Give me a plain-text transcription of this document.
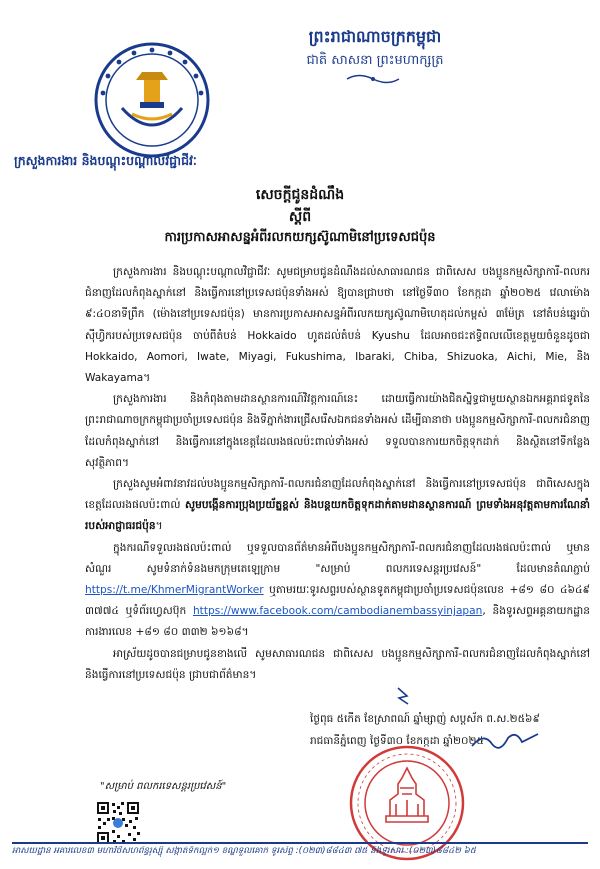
ព្រះរាជាណាចក្រកម្ពុជា
ជាតិ សាសនា ព្រះមហាក្សត្រ
ក្រសួងការងារ និងបណ្តុះបណ្តាលវិជ្ជាជីវៈ
សេចក្តីជូនដំណឹង
ស្តីពី
ការប្រកាសអាសន្នអំពីរលកយក្សស៊ូណាមិនៅប្រទេសជប៉ុន

ក្រសួងការងារ និងបណ្តុះបណ្តាលវិជ្ជាជីវៈ សូមជម្រាបជូនដំណឹងដល់សាធារណជន ជាពិសេស បងប្អូនកម្មសិក្សាការី-ពលករជំនាញដែលកំពុងស្នាក់នៅ និងធ្វើការនៅប្រទេសជប៉ុនទាំងអស់ ឱ្យបានជ្រាបថា នៅថ្ងៃទី៣០ ខែកក្កដា ឆ្នាំ២០២៥ វេលាម៉ោង ៩:៤០នាទីព្រឹក (ម៉ោងនៅប្រទេសជប៉ុន) មានការប្រកាសអាសន្នអំពីរលកយក្សស៊ូណាមិហេតុដល់កម្ពស់ ៣ម៉ែត្រ នៅតំបន់ឆ្នេរប៉ាស៊ីហ្វិករបស់ប្រទេសជប៉ុន ចាប់ពីតំបន់ Hokkaido ហូតដល់តំបន់ Kyushu ដែលអាចជះឥទ្ធិពលលើខេត្តមួយចំនួនដូចជា Hokkaido, Aomori, Iwate, Miyagi, Fukushima, Ibaraki, Chiba, Shizuoka, Aichi, Mie, និង Wakayama។

ក្រសួងការងារ និងកំពុងតាមដានស្ថានការណ៍វិវត្តការណ៍នេះ ដោយធ្វើការយ៉ាងជិតស្និទ្ធជាមួយស្ថានឯកអគ្គរាជទូតនៃព្រះរាជាណាចក្រកម្ពុជាប្រចាំប្រទេសជប៉ុន និងទីភ្នាក់ងារជ្រើសរើសឯកជនទាំងអស់ ដើម្បីធានាថា បងប្អូនកម្មសិក្សាការី-ពលករជំនាញដែលកំពុងស្នាក់នៅ និងធ្វើការនៅក្នុងខេត្តដែលរងផលប៉ះពាល់ទាំងអស់ ទទួលបានការយកចិត្តទុកដាក់ និងស្ថិតនៅទីកន្លែងសុវត្ថិភាព។

ក្រសួងសូមអំពាវនាវដល់បងប្អូនកម្មសិក្សាការី-ពលករជំនាញដែលកំពុងស្នាក់នៅ និងធ្វើការនៅប្រទេសជប៉ុន ជាពិសេសក្នុងខេត្តដែលរងផលប៉ះពាល់ សូមបង្កើនការប្រុងប្រយ័ត្នខ្ពស់ និងបន្តយកចិត្តទុកដាក់តាមដានស្ថានការណ៍ ព្រមទាំងអនុវត្តតាមការណែនាំរបស់អាជ្ញាធរជប៉ុន។

ក្នុងករណីទទួលរងផលប៉ះពាល់ ឬទទួលបានព័ត៌មានអំពីបងប្អូនកម្មសិក្សាការី-ពលករជំនាញដែលរងផលប៉ះពាល់ ឬមានសំណួរ សូមទំនាក់ទំនងមកក្រុមតេឡេក្រាម "សម្រាប់ ពលករទេសន្តរប្រវេសន៍" ដែលមានតំណភ្ជាប់ https://t.me/KhmerMigrantWorker ឬតាមរយៈទូរសព្ទរបស់ស្ថានទូតកម្ពុជាប្រចាំប្រទេសជប៉ុនលេខ +៨១ ៨០ ៤៦៤៩ ៣៧៧៤ ឬទំព័រហ្វេសប៊ុក https://www.facebook.com/cambodianembassyinjapan, និងទូរសព្ទអគ្គនាយកដ្ឋានការងារលេខ +៨១ ៨០ ៣៣២ ៦១៦៨។

អាស្រ័យដូចបានជម្រាបជូនខាងលើ សូមសាធារណជន ជាពិសេស បងប្អូនកម្មសិក្សាការី-ពលករជំនាញដែលកំពុងស្នាក់នៅ និងធ្វើការនៅប្រទេសជប៉ុន ជ្រាបជាព័ត៌មាន។

ថ្ងៃពុធ ៥កើត ខែស្រាពណ៍ ឆ្នាំម្សាញ់ សប្តស័ក ព.ស.២៥៦៩
រាជធានីភ្នំពេញ ថ្ងៃទី៣០ ខែកក្កដា ឆ្នាំ២០២៥
"សម្រាប់ ពលករទេសន្តរប្រវេសន៍"
អាសយដ្ឋាន អគារលេខ៣ មហាវិថីសហព័ន្ធរុស្ស៊ី សង្កាត់ទឹកល្អក់១ ខណ្ឌទួលគោក ទូរស័ព្ទ :(០២៣)៨៨៤៣ ៧៥ និងទូរសារ :(០២៣)៨៨៤២ ៦៥
